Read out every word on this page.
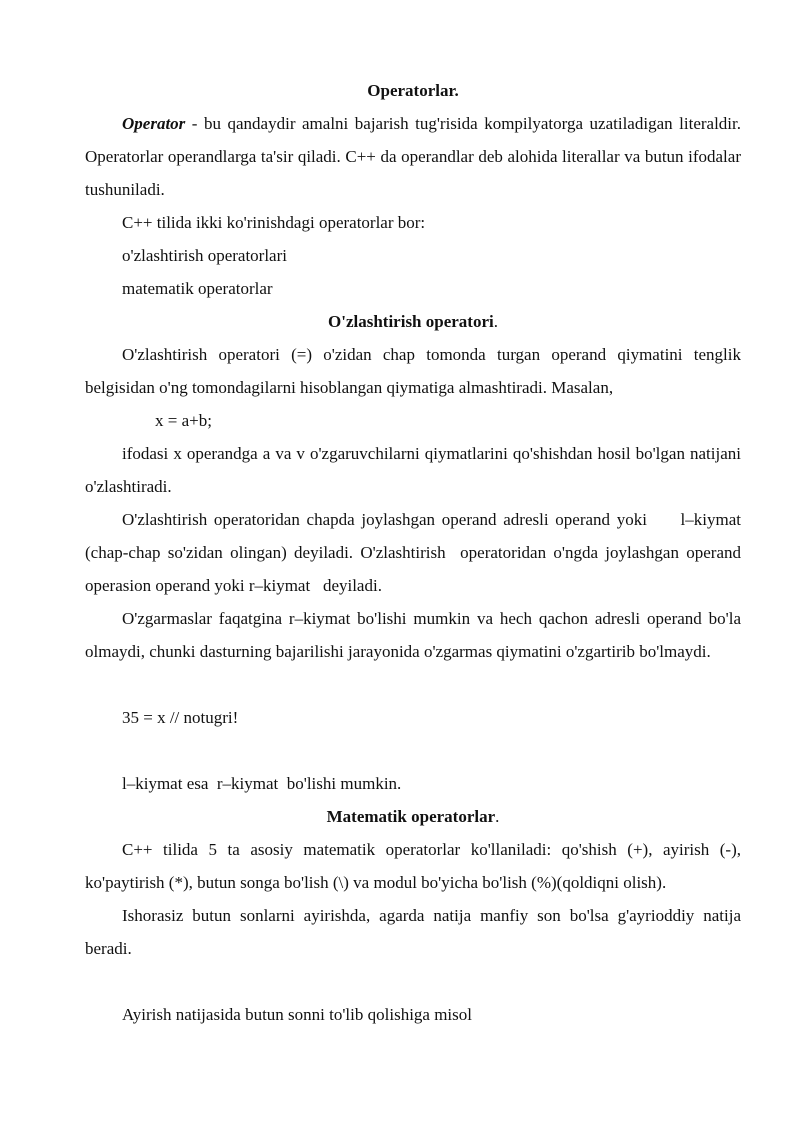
Operatorlar.

Operator - bu qandaydir amalni bajarish tug'risida kompilyatorga uzatiladigan literaldir. Operatorlar operandlarga ta'sir qiladi. C++ da operandlar deb alohida literallar va butun ifodalar tushuniladi.

C++ tilida ikki ko'rinishdagi operatorlar bor:
o'zlashtirish operatorlari
matematik operatorlar
O'zlashtirish operatori.

O'zlashtirish operatori (=) o'zidan chap tomonda turgan operand qiymatini tenglik belgisidan o'ng tomondagilarni hisoblangan qiymatiga almashtiradi. Masalan,

x = a+b;

ifodasi x operandga a va v o'zgaruvchilarni qiymatlarini qo'shishdan hosil bo'lgan natijani o'zlashtiradi.

O'zlashtirish operatoridan chapda joylashgan operand adresli operand yoki     l–kiymat (chap-chap so'zidan olingan) deyiladi. O'zlashtirish  operatoridan o'ngda joylashgan operand operasion operand yoki r–kiymat   deyiladi.

O'zgarmaslar faqatgina r–kiymat bo'lishi mumkin va hech qachon adresli operand bo'la olmaydi, chunki dasturning bajarilishi jarayonida o'zgarmas qiymatini o'zgartirib bo'lmaydi.

35 = x // notugri!
l–kiymat esa  r–kiymat  bo'lishi mumkin.
Matematik operatorlar.

C++ tilida 5 ta asosiy matematik operatorlar ko'llaniladi: qo'shish (+), ayirish (-), ko'paytirish (*), butun songa bo'lish (\) va modul bo'yicha bo'lish (%)(qoldiqni olish).

Ishorasiz butun sonlarni ayirishda, agarda natija manfiy son bo'lsa g'ayrioddiy natija beradi.

Ayirish natijasida butun sonni to'lib qolishiga misol
